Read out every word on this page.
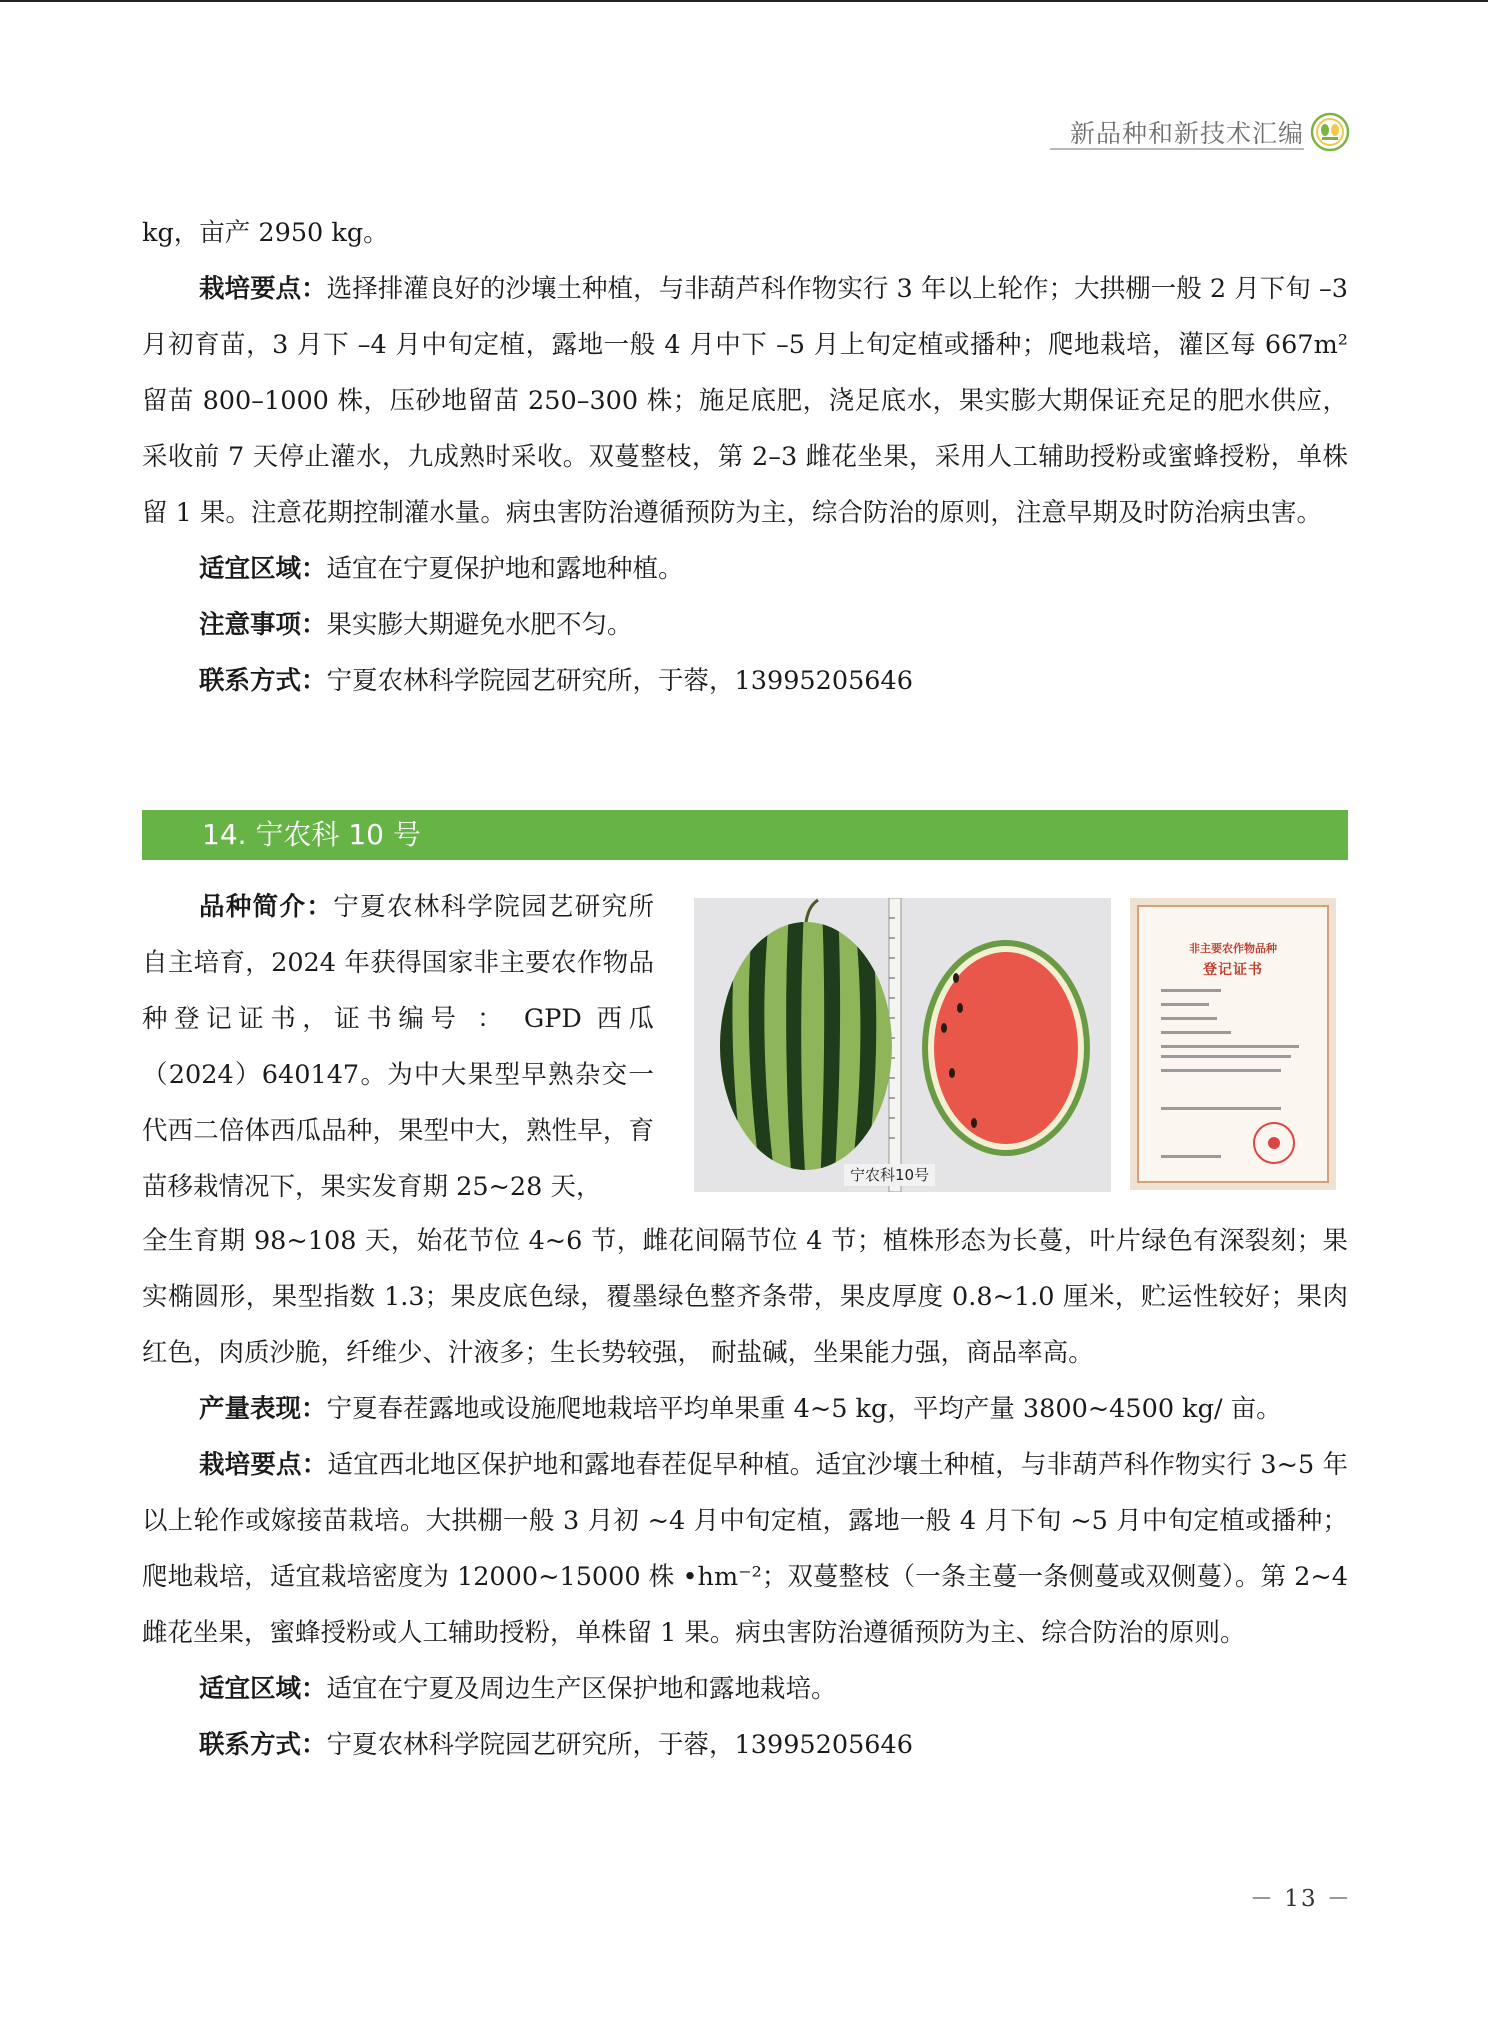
新品种和新技术汇编

kg，亩产 2950 kg。

栽培要点：选择排灌良好的沙壤土种植，与非葫芦科作物实行 3 年以上轮作；大拱棚一般 2 月下旬 –3 月初育苗，3 月下 –4 月中旬定植，露地一般 4 月中下 –5 月上旬定植或播种；爬地栽培，灌区每 667m² 留苗 800–1000 株，压砂地留苗 250–300 株；施足底肥，浇足底水，果实膨大期保证充足的肥水供应，采收前 7 天停止灌水，九成熟时采收。双蔓整枝，第 2–3 雌花坐果，采用人工辅助授粉或蜜蜂授粉，单株留 1 果。注意花期控制灌水量。病虫害防治遵循预防为主，综合防治的原则，注意早期及时防治病虫害。

适宜区域：适宜在宁夏保护地和露地种植。

注意事项：果实膨大期避免水肥不匀。

联系方式：宁夏农林科学院园艺研究所，于蓉，13995205646

14. 宁农科 10 号

品种简介：宁夏农林科学院园艺研究所自主培育，2024 年获得国家非主要农作物品种登记证书，证书编号 ： GPD 西瓜（2024）640147。为中大果型早熟杂交一代西二倍体西瓜品种，果型中大，熟性早，育苗移栽情况下，果实发育期 25~28 天，	宁农科10号
非主要农作物品种
登记证书

全生育期 98~108 天，始花节位 4~6 节，雌花间隔节位 4 节；植株形态为长蔓，叶片绿色有深裂刻；果实椭圆形，果型指数 1.3；果皮底色绿，覆墨绿色整齐条带，果皮厚度 0.8~1.0 厘米，贮运性较好；果肉红色，肉质沙脆，纤维少、汁液多；生长势较强， 耐盐碱，坐果能力强，商品率高。

产量表现：宁夏春茬露地或设施爬地栽培平均单果重 4~5 kg，平均产量 3800~4500 kg/ 亩。

栽培要点：适宜西北地区保护地和露地春茬促早种植。适宜沙壤土种植，与非葫芦科作物实行 3~5 年以上轮作或嫁接苗栽培。大拱棚一般 3 月初 ~4 月中旬定植，露地一般 4 月下旬 ~5 月中旬定植或播种；爬地栽培，适宜栽培密度为 12000~15000 株 •hm⁻²；双蔓整枝（一条主蔓一条侧蔓或双侧蔓）。第 2~4 雌花坐果，蜜蜂授粉或人工辅助授粉，单株留 1 果。病虫害防治遵循预防为主、综合防治的原则。

适宜区域：适宜在宁夏及周边生产区保护地和露地栽培。

联系方式：宁夏农林科学院园艺研究所，于蓉，13995205646

－ 13 －
